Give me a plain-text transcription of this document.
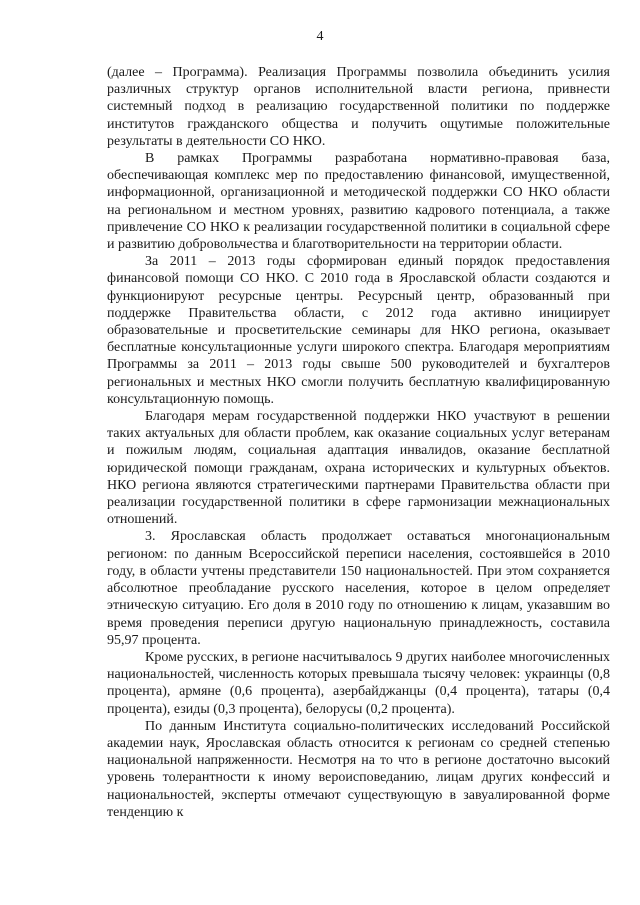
4

(далее – Программа). Реализация Программы позволила объединить усилия различных структур органов исполнительной власти региона, привнести системный подход в реализацию государственной политики по поддержке институтов гражданского общества и получить ощутимые положительные результаты в деятельности СО НКО.

В рамках Программы разработана нормативно-правовая база, обеспечивающая комплекс мер по предоставлению финансовой, имущественной, информационной, организационной и методической поддержки СО НКО области на региональном и местном уровнях, развитию кадрового потенциала, а также привлечение СО НКО к реализации государственной политики в социальной сфере и развитию добровольчества и благотворительности на территории области.

За 2011 – 2013 годы сформирован единый порядок предоставления финансовой помощи СО НКО. С 2010 года в Ярославской области создаются и функционируют ресурсные центры. Ресурсный центр, образованный при поддержке Правительства области, с 2012 года активно инициирует образовательные и просветительские семинары для НКО региона, оказывает бесплатные консультационные услуги широкого спектра. Благодаря мероприятиям Программы за 2011 – 2013 годы свыше 500 руководителей и бухгалтеров региональных и местных НКО смогли получить бесплатную квалифицированную консультационную помощь.

Благодаря мерам государственной поддержки НКО участвуют в решении таких актуальных для области проблем, как оказание социальных услуг ветеранам и пожилым людям, социальная адаптация инвалидов, оказание бесплатной юридической помощи гражданам, охрана исторических и культурных объектов. НКО региона являются стратегическими партнерами Правительства области при реализации государственной политики в сфере гармонизации межнациональных отношений.

3. Ярославская область продолжает оставаться многонациональным регионом: по данным Всероссийской переписи населения, состоявшейся в 2010 году, в области учтены представители 150 национальностей. При этом сохраняется абсолютное преобладание русского населения, которое в целом определяет этническую ситуацию. Его доля в 2010 году по отношению к лицам, указавшим во время проведения переписи другую национальную принадлежность, составила 95,97 процента.

Кроме русских, в регионе насчитывалось 9 других наиболее многочисленных национальностей, численность которых превышала тысячу человек: украинцы (0,8 процента), армяне (0,6 процента), азербайджанцы (0,4 процента), татары (0,4 процента), езиды (0,3 процента), белорусы (0,2 процента).

По данным Института социально-политических исследований Российской академии наук, Ярославская область относится к регионам со средней степенью национальной напряженности. Несмотря на то что в регионе достаточно высокий уровень толерантности к иному вероисповеданию, лицам других конфессий и национальностей, эксперты отмечают существующую в завуалированной форме тенденцию к
